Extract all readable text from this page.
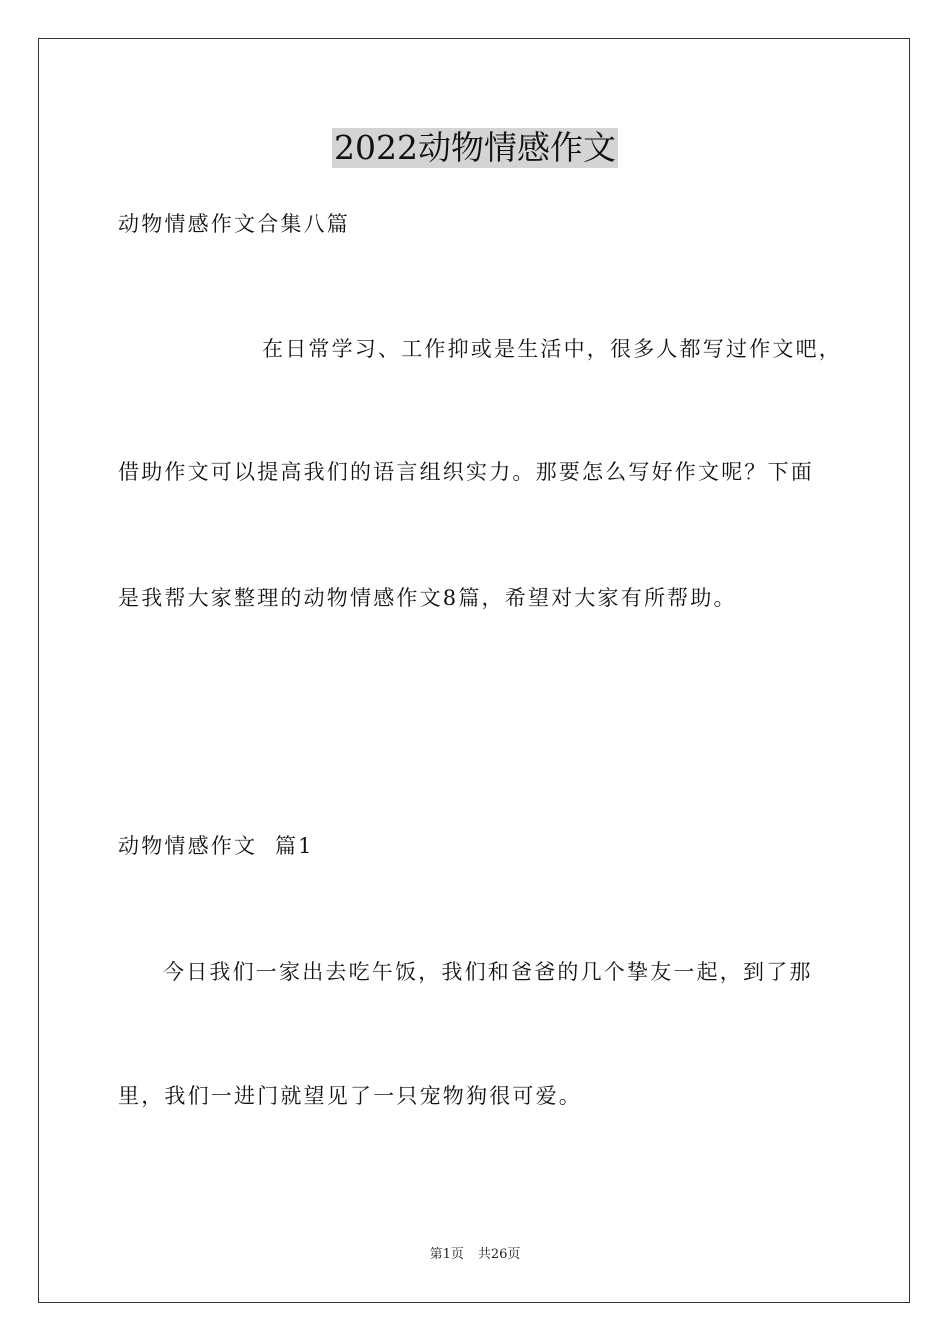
2022动物情感作文
动物情感作文合集八篇
在日常学习、工作抑或是生活中，很多人都写过作文吧，
借助作文可以提高我们的语言组织实力。那要怎么写好作文呢？下面
是我帮大家整理的动物情感作文8篇，希望对大家有所帮助。
动物情感作文  篇1
今日我们一家出去吃午饭，我们和爸爸的几个挚友一起，到了那
里，我们一进门就望见了一只宠物狗很可爱。
第1页 共26页
